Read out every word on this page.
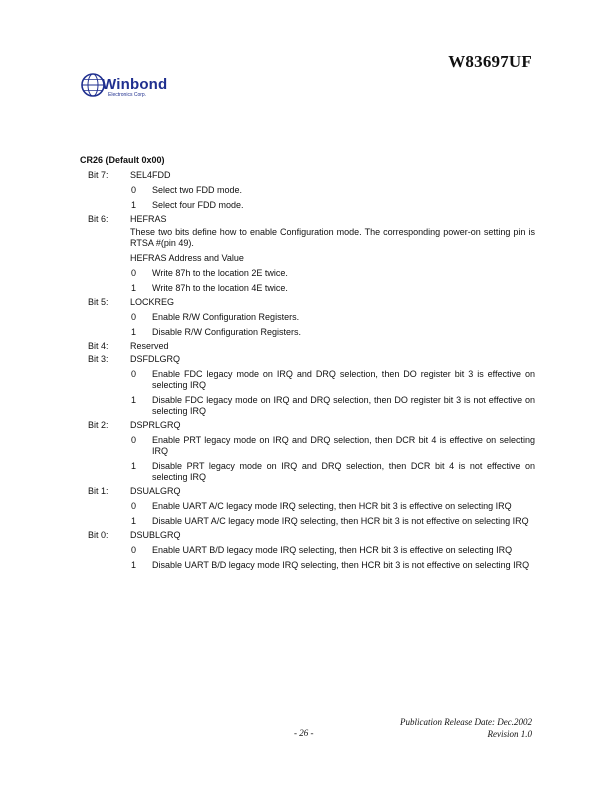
W83697UF
Winbond
Electronics Corp.
CR26 (Default 0x00)
Bit 7: SEL4FDD
0 Select two FDD mode.
1 Select four FDD mode.
Bit 6: HEFRAS
These two bits define how to enable Configuration mode. The corresponding power-on setting pin is RTSA #(pin 49).
HEFRAS Address and Value
0 Write 87h to the location 2E twice.
1 Write 87h to the location 4E twice.
Bit 5: LOCKREG
0 Enable R/W Configuration Registers.
1 Disable R/W Configuration Registers.
Bit 4: Reserved
Bit 3: DSFDLGRQ
0 Enable FDC legacy mode on IRQ and DRQ selection, then DO register bit 3 is effective on selecting IRQ
1 Disable FDC legacy mode on IRQ and DRQ selection, then DO register bit 3 is not effective on selecting IRQ
Bit 2: DSPRLGRQ
0 Enable PRT legacy mode on IRQ and DRQ selection, then DCR bit 4 is effective on selecting IRQ
1 Disable PRT legacy mode on IRQ and DRQ selection, then DCR bit 4 is not effective on selecting IRQ
Bit 1: DSUALGRQ
0 Enable UART A/C legacy mode IRQ selecting, then HCR bit 3 is effective on selecting IRQ
1 Disable UART A/C legacy mode IRQ selecting, then HCR bit 3 is not effective on selecting IRQ
Bit 0: DSUBLGRQ
0 Enable UART B/D legacy mode IRQ selecting, then HCR bit 3 is effective on selecting IRQ
1 Disable UART B/D legacy mode IRQ selecting, then HCR bit 3 is not effective on selecting IRQ
Publication Release Date: Dec.2002
Revision 1.0
- 26 -
